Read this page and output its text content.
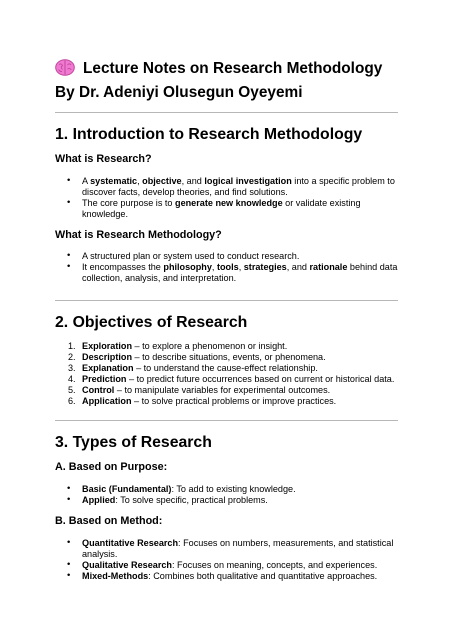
Lecture Notes on Research Methodology By Dr. Adeniyi Olusegun Oyeyemi
1. Introduction to Research Methodology
What is Research?
• A systematic, objective, and logical investigation into a specific problem to discover facts, develop theories, and find solutions.
• The core purpose is to generate new knowledge or validate existing knowledge.
What is Research Methodology?
• A structured plan or system used to conduct research.
• It encompasses the philosophy, tools, strategies, and rationale behind data collection, analysis, and interpretation.
2. Objectives of Research
1. Exploration – to explore a phenomenon or insight.
2. Description – to describe situations, events, or phenomena.
3. Explanation – to understand the cause-effect relationship.
4. Prediction – to predict future occurrences based on current or historical data.
5. Control – to manipulate variables for experimental outcomes.
6. Application – to solve practical problems or improve practices.
3. Types of Research
A. Based on Purpose:
• Basic (Fundamental): To add to existing knowledge.
• Applied: To solve specific, practical problems.
B. Based on Method:
• Quantitative Research: Focuses on numbers, measurements, and statistical analysis.
• Qualitative Research: Focuses on meaning, concepts, and experiences.
• Mixed-Methods: Combines both qualitative and quantitative approaches.
